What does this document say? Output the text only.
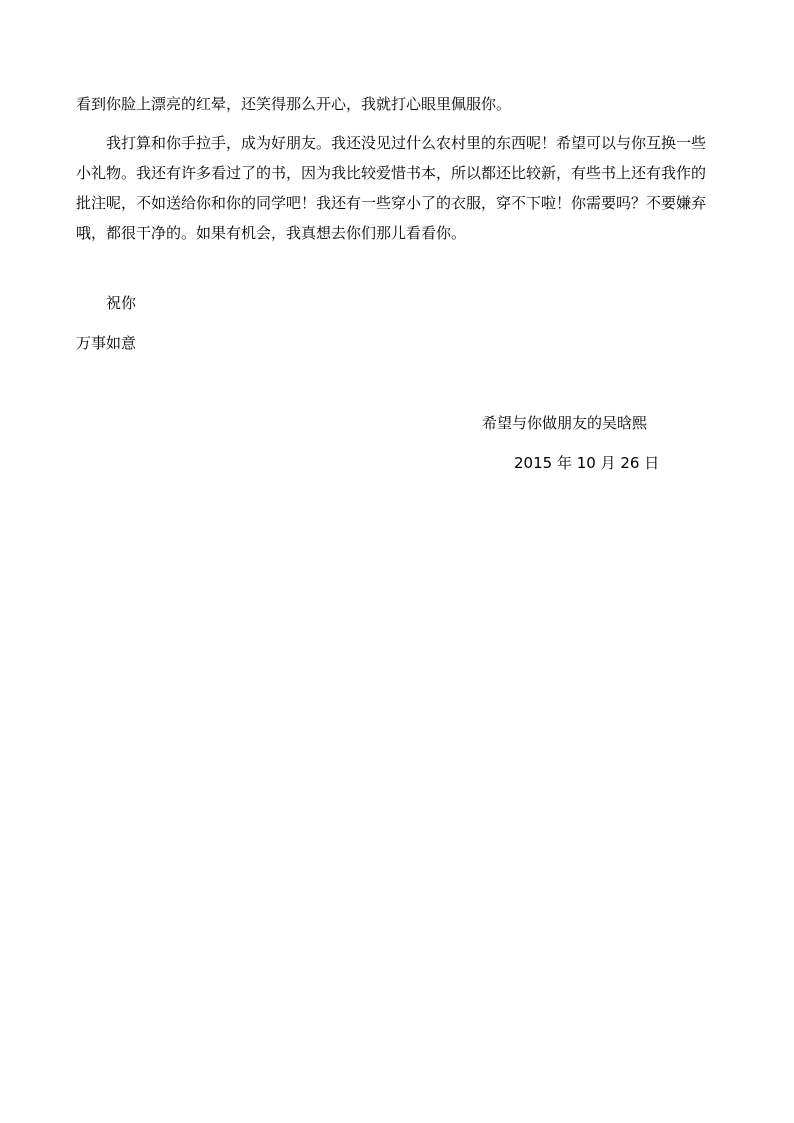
看到你脸上漂亮的红晕，还笑得那么开心，我就打心眼里佩服你。
我打算和你手拉手，成为好朋友。我还没见过什么农村里的东西呢！希望可以与你互换一些小礼物。我还有许多看过了的书，因为我比较爱惜书本，所以都还比较新，有些书上还有我作的批注呢，不如送给你和你的同学吧！我还有一些穿小了的衣服，穿不下啦！你需要吗？不要嫌弃哦，都很干净的。如果有机会，我真想去你们那儿看看你。
祝你
万事如意
希望与你做朋友的吴晗熙
2015 年 10 月 26 日
